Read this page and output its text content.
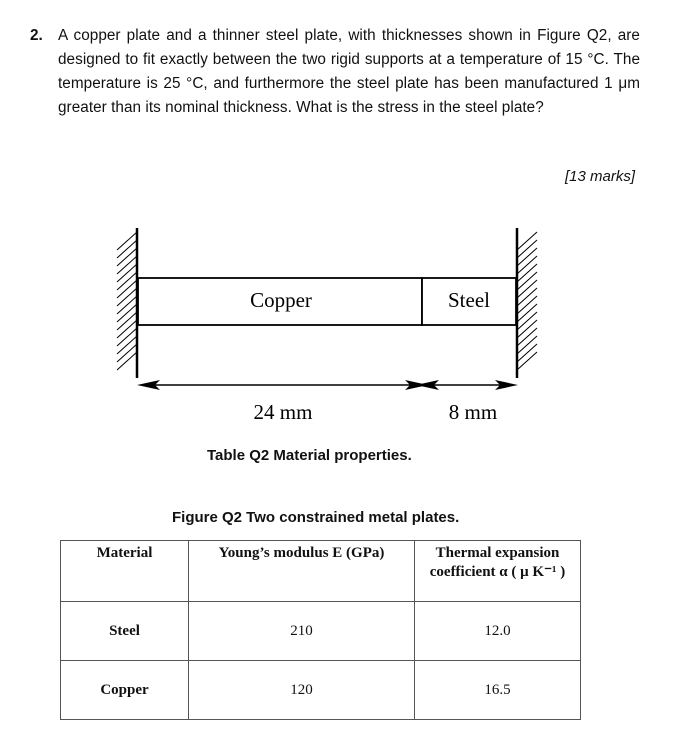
2. A copper plate and a thinner steel plate, with thicknesses shown in Figure Q2, are designed to fit exactly between the two rigid supports at a temperature of 15 °C. The temperature is 25 °C, and furthermore the steel plate has been manufactured 1 μm greater than its nominal thickness. What is the stress in the steel plate?
[13 marks]
Copper	Steel
24 mm	8 mm
Table Q2 Material properties.
Figure Q2 Two constrained metal plates.
Material	Young’s modulus E (GPa)	Thermal expansion
coefficient α ( μ K⁻¹ )

Steel	210	12.0
Copper	120	16.5
